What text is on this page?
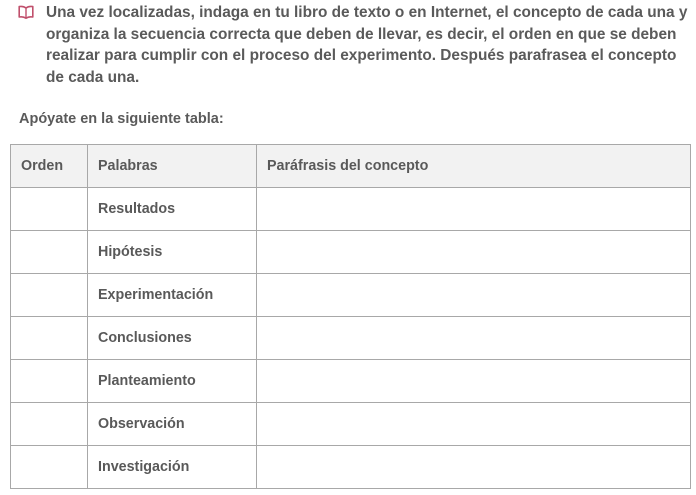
Una vez localizadas, indaga en tu libro de texto o en Internet, el concepto de cada una y organiza la secuencia correcta que deben de llevar, es decir, el orden en que se deben realizar para cumplir con el proceso del experimento. Después parafrasea el concepto de cada una.

Apóyate en la siguiente tabla:
Orden	Palabras	Paráfrasis del concepto
	Resultados	
	Hipótesis	
	Experimentación	
	Conclusiones	
	Planteamiento	
	Observación	
	Investigación	
